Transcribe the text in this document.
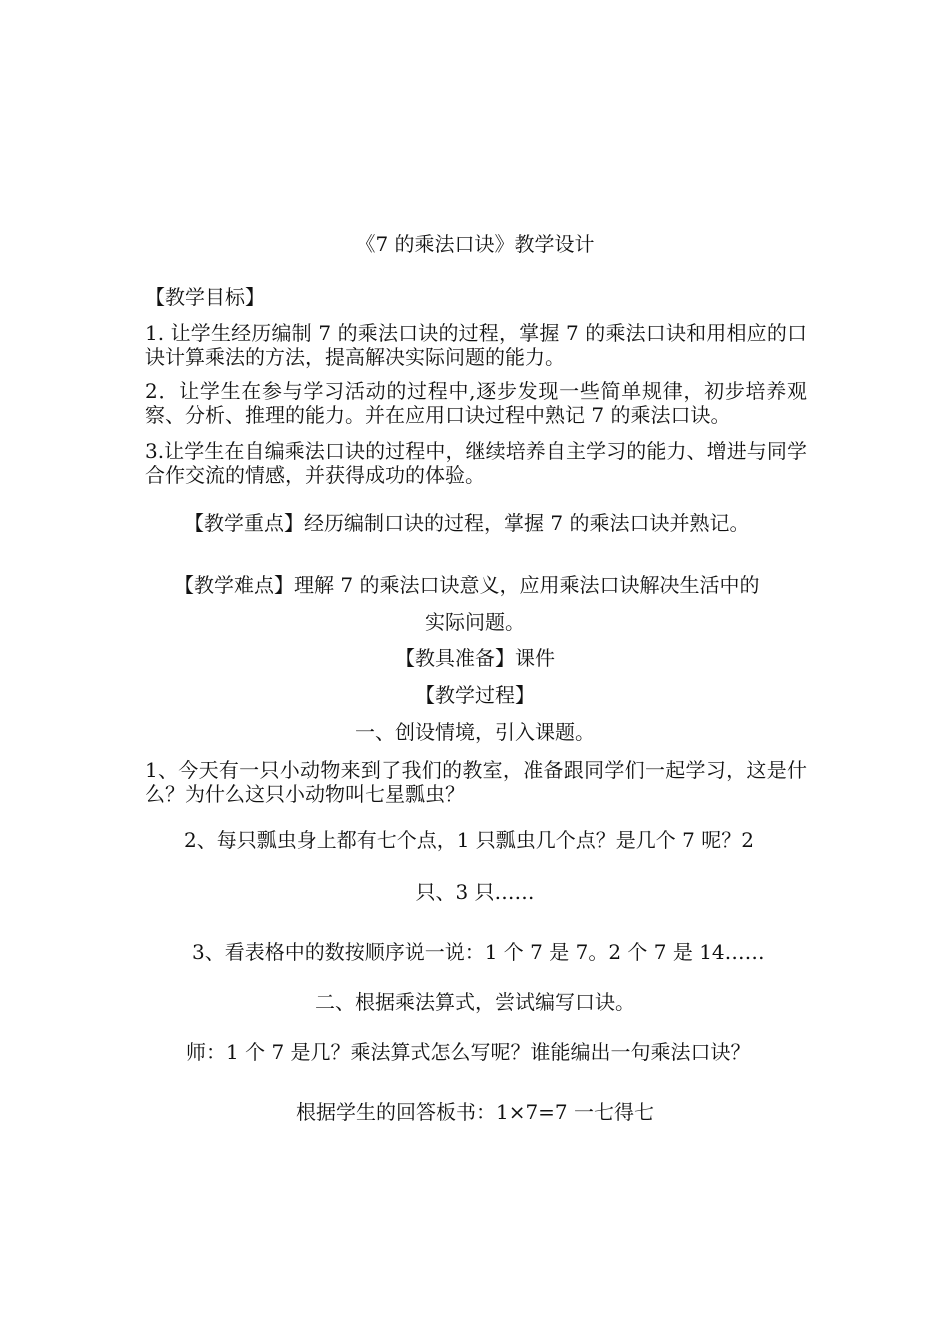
《7 的乘法口诀》教学设计

【教学目标】

1. 让学生经历编制 7 的乘法口诀的过程，掌握 7 的乘法口诀和用相应的口诀计算乘法的方法，提高解决实际问题的能力。

2．让学生在参与学习活动的过程中,逐步发现一些简单规律，初步培养观察、分析、推理的能力。并在应用口诀过程中熟记 7 的乘法口诀。

3.让学生在自编乘法口诀的过程中，继续培养自主学习的能力、增进与同学合作交流的情感，并获得成功的体验。

【教学重点】经历编制口诀的过程，掌握 7 的乘法口诀并熟记。

【教学难点】理解 7 的乘法口诀意义，应用乘法口诀解决生活中的

实际问题。

【教具准备】课件

【教学过程】

一、创设情境，引入课题。

1、今天有一只小动物来到了我们的教室，准备跟同学们一起学习，这是什么？为什么这只小动物叫七星瓢虫？

2、每只瓢虫身上都有七个点，1 只瓢虫几个点？是几个 7 呢？2

只、3 只……

3、看表格中的数按顺序说一说：1 个 7 是 7。2 个 7 是 14……

二、根据乘法算式，尝试编写口诀。

师：1 个 7 是几？乘法算式怎么写呢？谁能编出一句乘法口诀？

根据学生的回答板书：1×7=7 一七得七
